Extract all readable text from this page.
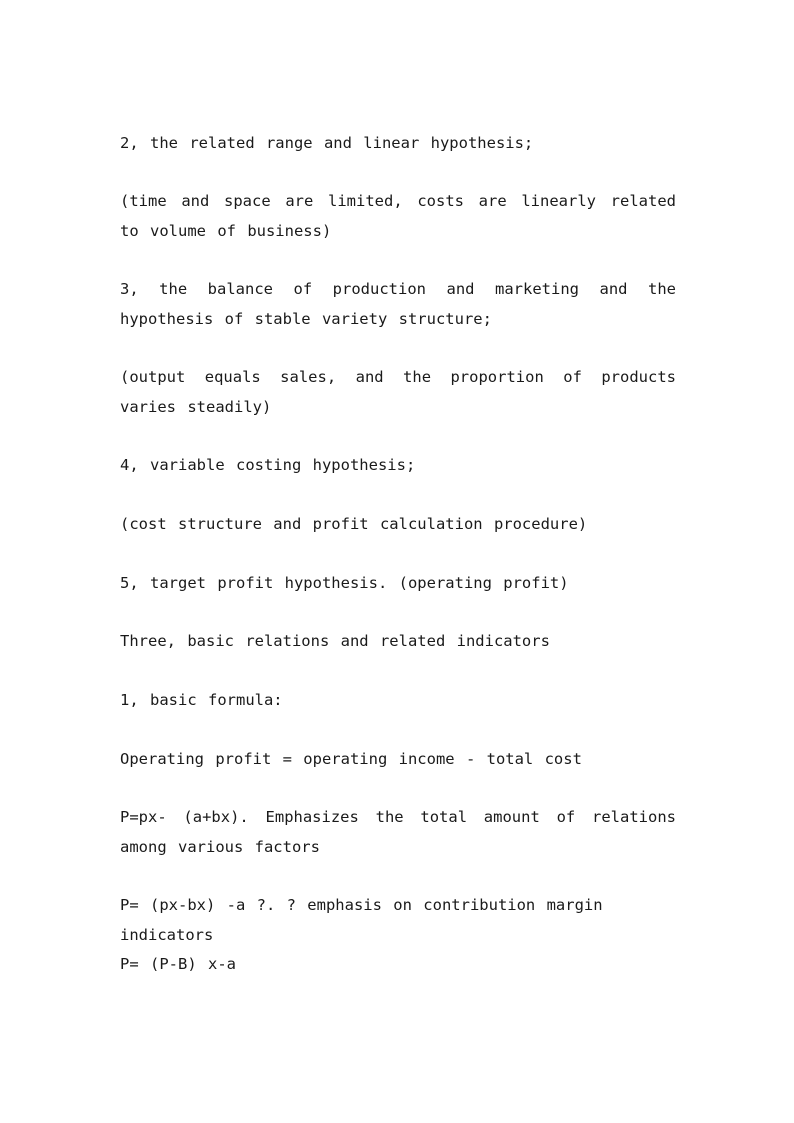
2, the related range and linear hypothesis;

(time and space are limited, costs are linearly related to volume of business)

3, the balance of production and marketing and the hypothesis of stable variety structure;

(output equals sales, and the proportion of products varies steadily)

4, variable costing hypothesis;

(cost structure and profit calculation procedure)

5, target profit hypothesis. (operating profit)

Three, basic relations and related indicators

1, basic formula:

Operating profit = operating income - total cost

P=px- (a+bx). Emphasizes the total amount of relations among various factors

P= (px-bx) -a ?. ? emphasis on contribution margin indicators

P= (P-B) x-a
